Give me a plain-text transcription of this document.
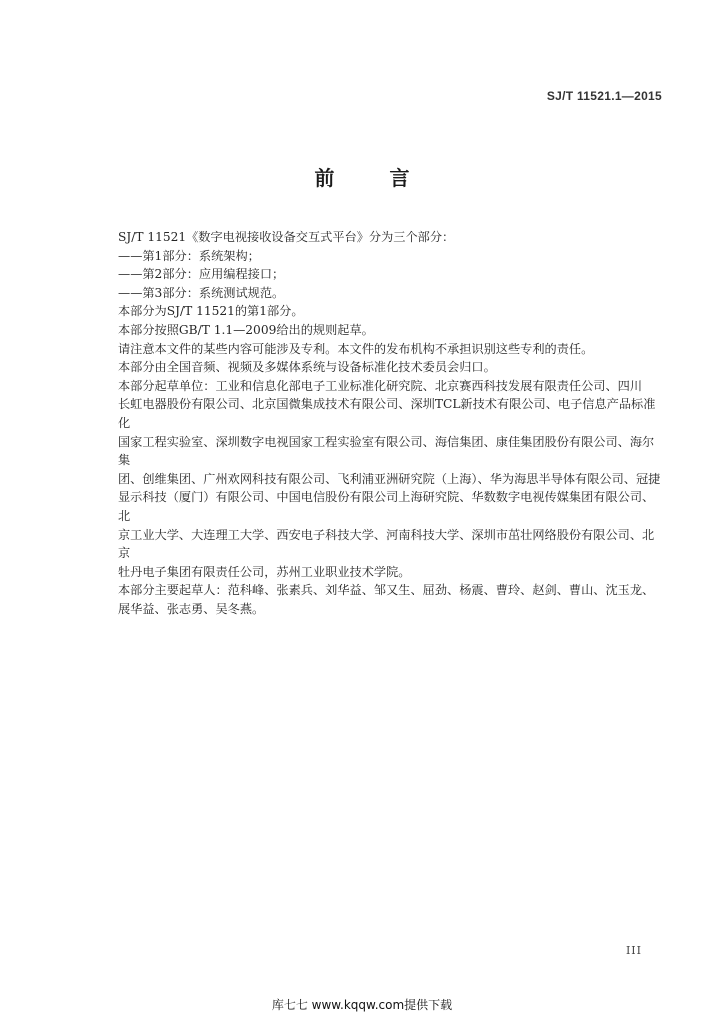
SJ/T 11521.1—2015
前 言

SJ/T 11521《数字电视接收设备交互式平台》分为三个部分：

——第1部分：系统架构；

——第2部分：应用编程接口；

——第3部分：系统测试规范。

本部分为SJ/T 11521的第1部分。

本部分按照GB/T 1.1—2009给出的规则起草。

请注意本文件的某些内容可能涉及专利。本文件的发布机构不承担识别这些专利的责任。

本部分由全国音频、视频及多媒体系统与设备标准化技术委员会归口。

本部分起草单位：工业和信息化部电子工业标准化研究院、北京赛西科技发展有限责任公司、四川

长虹电器股份有限公司、北京国微集成技术有限公司、深圳TCL新技术有限公司、电子信息产品标准化

国家工程实验室、深圳数字电视国家工程实验室有限公司、海信集团、康佳集团股份有限公司、海尔集

团、创维集团、广州欢网科技有限公司、飞利浦亚洲研究院（上海）、华为海思半导体有限公司、冠捷

显示科技（厦门）有限公司、中国电信股份有限公司上海研究院、华数数字电视传媒集团有限公司、北

京工业大学、大连理工大学、西安电子科技大学、河南科技大学、深圳市茁壮网络股份有限公司、北京

牡丹电子集团有限责任公司，苏州工业职业技术学院。

本部分主要起草人：范科峰、张素兵、刘华益、邹又生、屈劲、杨震、曹玲、赵剑、曹山、沈玉龙、

展华益、张志勇、吴冬燕。

III
库七七 www.kqqw.com提供下载
